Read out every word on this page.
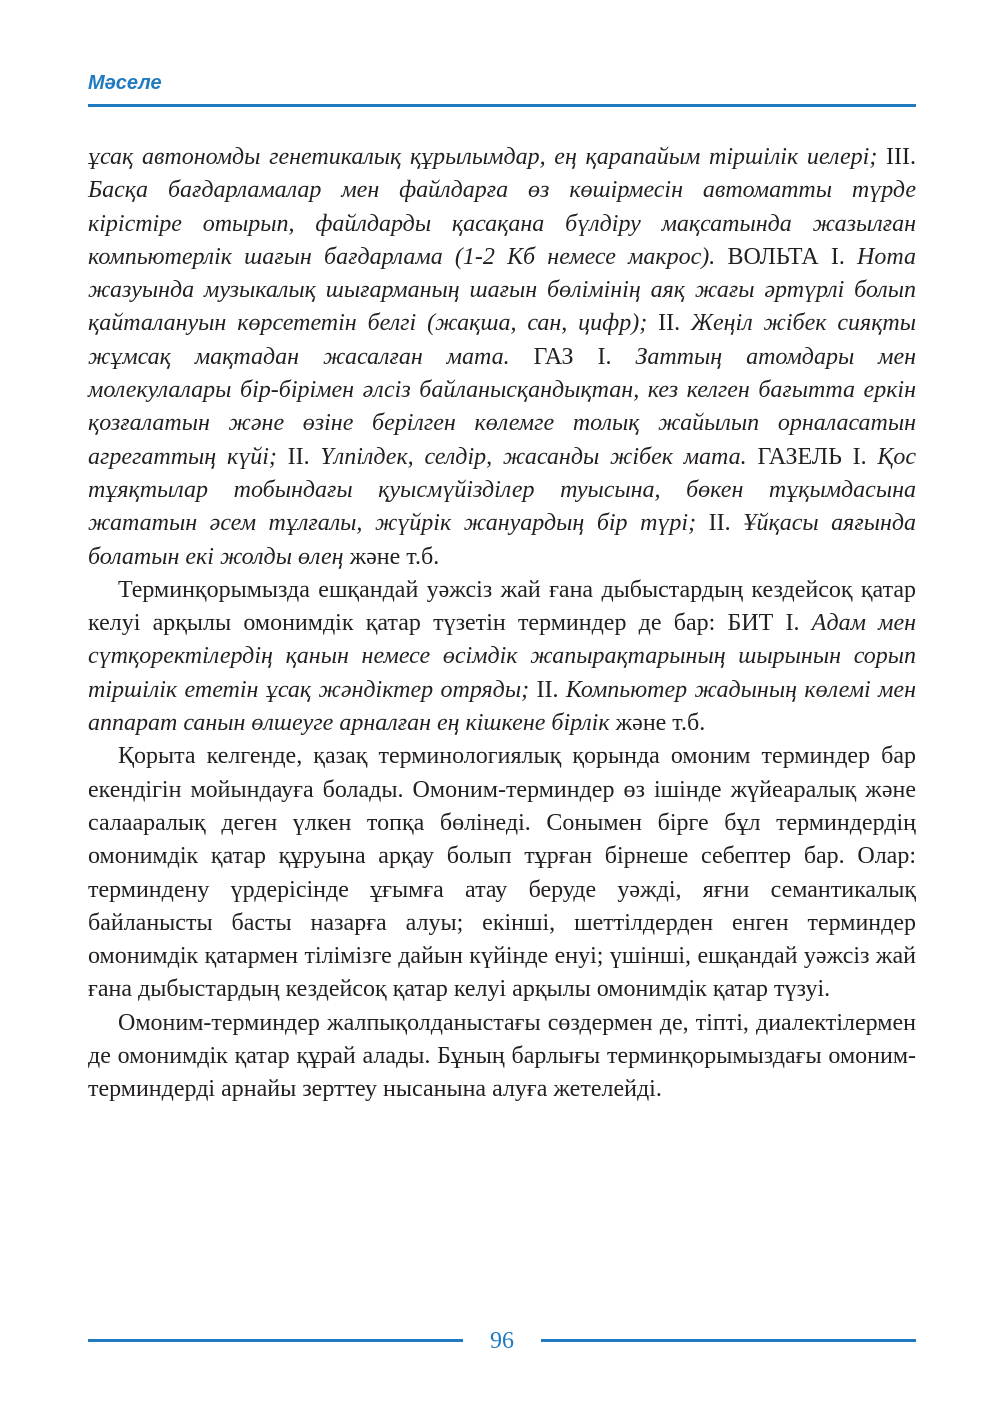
Мәселе

ұсақ автономды генетикалық құрылымдар, ең қарапайым тіршілік иелері; III. Басқа бағдарламалар мен файлдарға өз көшірмесін автоматты түрде кірістіре отырып, файлдарды қасақана бүлдіру мақсатында жазылған компьютерлік шағын бағдарлама (1-2 Кб немесе макрос). ВОЛЬТА I. Нота жазуында музыкалық шығарманың шағын бөлімінің аяқ жағы әртүрлі болып қайталануын көрсететін белгі (жақша, сан, цифр); II. Жеңіл жібек сияқты жұмсақ мақтадан жасалған мата. ГАЗ I. Заттың атомдары мен молекулалары бір-бірімен әлсіз байланысқандықтан, кез келген бағытта еркін қозғалатын және өзіне берілген көлемге толық жайылып орналасатын агрегаттың күйі; II. Үлпілдек, селдір, жасанды жібек мата. ГАЗЕЛЬ I. Қос тұяқтылар тобындағы қуысмүйізділер туысына, бөкен тұқымдасына жататын әсем тұлғалы, жүйрік жануардың бір түрі; II. Ұйқасы аяғында болатын екі жолды өлең және т.б.

Терминқорымызда ешқандай уәжсіз жай ғана дыбыстардың кездейсоқ қатар келуі арқылы омонимдік қатар түзетін терминдер де бар: БИТ I. Адам мен сүтқоректілердің қанын немесе өсімдік жапырақтарының шырынын сорып тіршілік ететін ұсақ жәндіктер отряды; II. Компьютер жадының көлемі мен аппарат санын өлшеуге арналған ең кішкене бірлік және т.б.

Қорыта келгенде, қазақ терминологиялық қорында омоним терминдер бар екендігін мойындауға болады. Омоним-терминдер өз ішінде жүйеаралық және салааралық деген үлкен топқа бөлінеді. Сонымен бірге бұл терминдердің омонимдік қатар құруына арқау болып тұрған бірнеше себептер бар. Олар: терминдену үрдерісінде ұғымға атау беруде уәжді, яғни семантикалық байланысты басты назарға алуы; екінші, шеттілдерден енген терминдер омонимдік қатармен тілімізге дайын күйінде енуі; үшінші, ешқандай уәжсіз жай ғана дыбыстардың кездейсоқ қатар келуі арқылы омонимдік қатар түзуі.

Омоним-терминдер жалпықолданыстағы сөздермен де, тіпті, диалектілермен де омонимдік қатар құрай алады. Бұның барлығы терминқорымыздағы омоним-терминдерді арнайы зерттеу нысанына алуға жетелейді.

96
